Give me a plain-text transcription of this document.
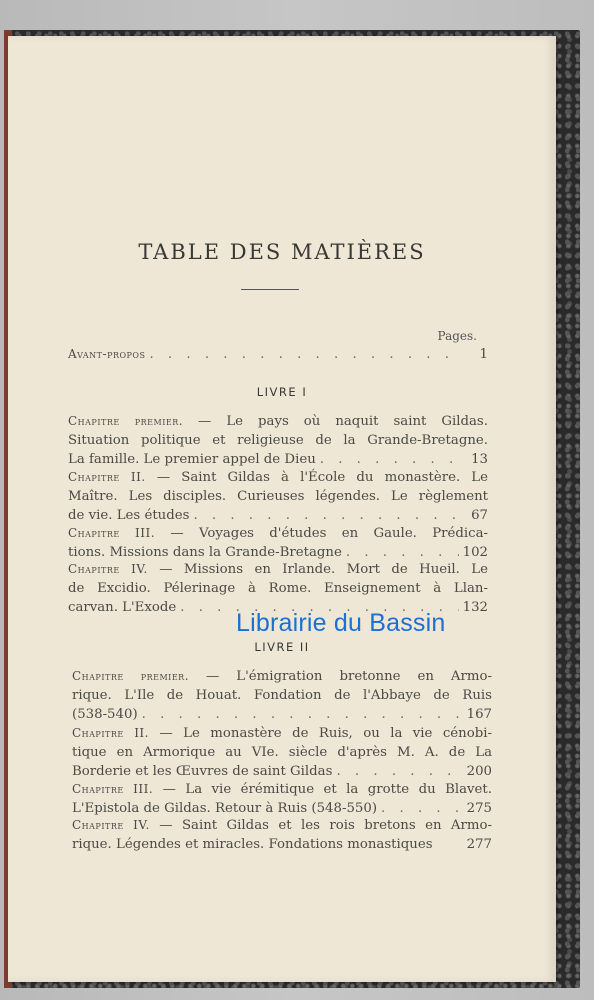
TABLE DES MATIÈRES
Pages.
Avant-propos . . .	1
LIVRE I
Chapitre premier. — Le pays où naquit saint Gildas.
Situation politique et religieuse de la Grande-Bretagne.
La famille. Le premier appel de Dieu . . .	13
Chapitre II. — Saint Gildas à l'École du monastère. Le
Maître. Les disciples. Curieuses légendes. Le règlement
de vie. Les études . . .	67
Chapitre III. — Voyages d'études en Gaule. Prédica-
tions. Missions dans la Grande-Bretagne . . .	102
Chapitre IV. — Missions en Irlande. Mort de Hueil. Le
de Excidio. Pélerinage à Rome. Enseignement à Llan-
carvan. L'Exode . . .	132
Librairie du Bassin
LIVRE II
Chapitre premier. — L'émigration bretonne en Armo-
rique. L'Ile de Houat. Fondation de l'Abbaye de Ruis
(538-540) . . .	167
Chapitre II. — Le monastère de Ruis, ou la vie cénobi-
tique en Armorique au VIe. siècle d'après M. A. de La
Borderie et les Œuvres de saint Gildas . . .	200
Chapitre III. — La vie érémitique et la grotte du Blavet.
L'Epistola de Gildas. Retour à Ruis (548-550) . . .	275
Chapitre IV. — Saint Gildas et les rois bretons en Armo-
rique. Légendes et miracles. Fondations monastiques	277
